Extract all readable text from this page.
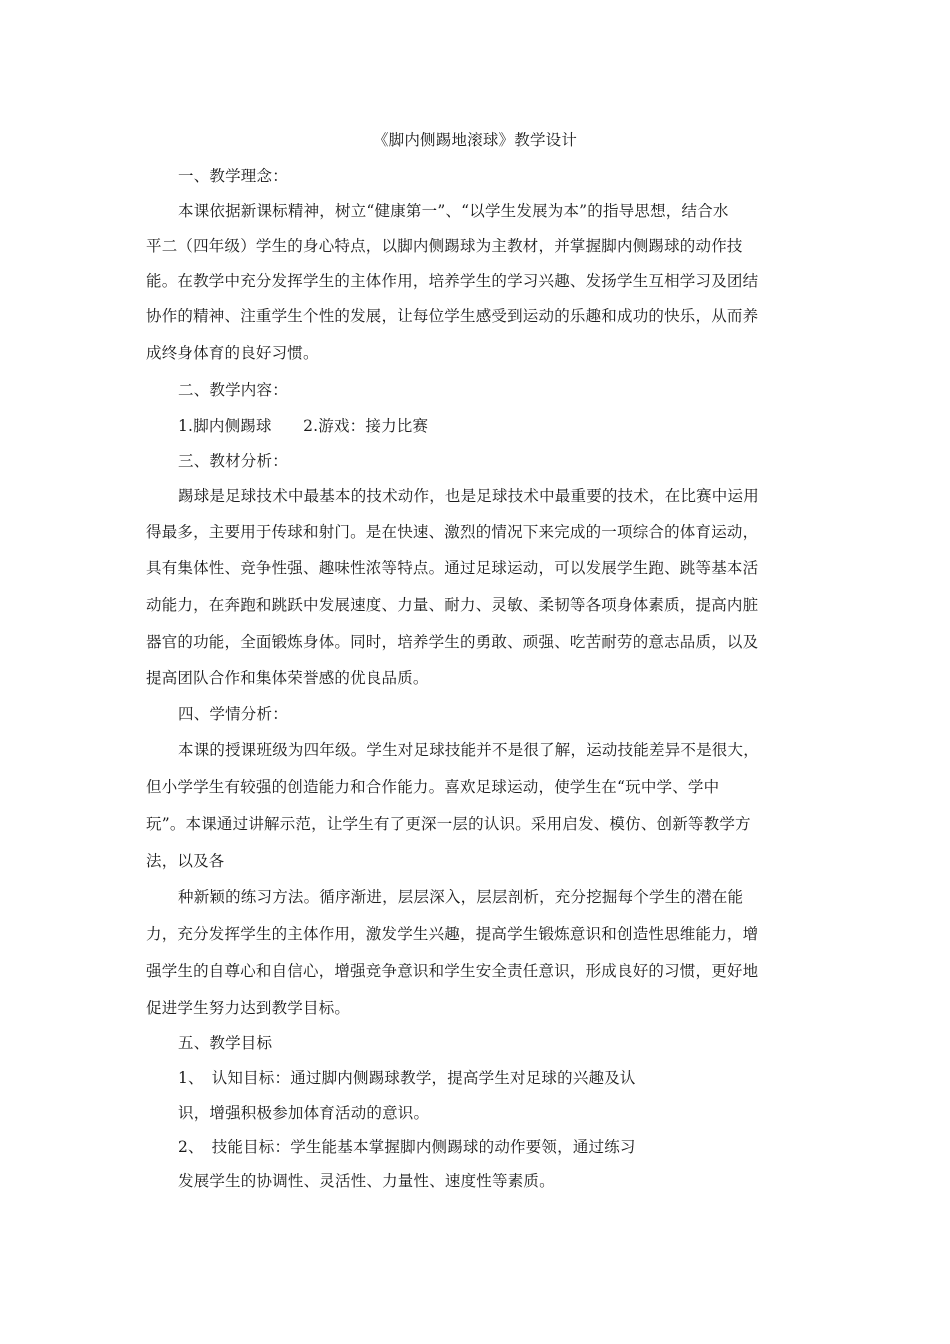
《脚内侧踢地滚球》教学设计
一、教学理念：
本课依据新课标精神，树立“健康第一”、“以学生发展为本”的指导思想，结合水
平二（四年级）学生的身心特点，以脚内侧踢球为主教材，并掌握脚内侧踢球的动作技
能。在教学中充分发挥学生的主体作用，培养学生的学习兴趣、发扬学生互相学习及团结
协作的精神、注重学生个性的发展，让每位学生感受到运动的乐趣和成功的快乐，从而养
成终身体育的良好习惯。
二、教学内容：
1.脚内侧踢球　　2.游戏：接力比赛
三、教材分析：
踢球是足球技术中最基本的技术动作，也是足球技术中最重要的技术，在比赛中运用
得最多，主要用于传球和射门。是在快速、激烈的情况下来完成的一项综合的体育运动，
具有集体性、竞争性强、趣味性浓等特点。通过足球运动，可以发展学生跑、跳等基本活
动能力，在奔跑和跳跃中发展速度、力量、耐力、灵敏、柔韧等各项身体素质，提高内脏
器官的功能，全面锻炼身体。同时，培养学生的勇敢、顽强、吃苦耐劳的意志品质，以及
提高团队合作和集体荣誉感的优良品质。
四、学情分析：
本课的授课班级为四年级。学生对足球技能并不是很了解，运动技能差异不是很大，
但小学学生有较强的创造能力和合作能力。喜欢足球运动，使学生在“玩中学、学中
玩”。本课通过讲解示范，让学生有了更深一层的认识。采用启发、模仿、创新等教学方
法，以及各
种新颖的练习方法。循序渐进，层层深入，层层剖析，充分挖掘每个学生的潜在能
力，充分发挥学生的主体作用，激发学生兴趣，提高学生锻炼意识和创造性思维能力，增
强学生的自尊心和自信心，增强竞争意识和学生安全责任意识，形成良好的习惯，更好地
促进学生努力达到教学目标。
五、教学目标
1、　认知目标：通过脚内侧踢球教学，提高学生对足球的兴趣及认
识，增强积极参加体育活动的意识。
2、　技能目标：学生能基本掌握脚内侧踢球的动作要领，通过练习
发展学生的协调性、灵活性、力量性、速度性等素质。
